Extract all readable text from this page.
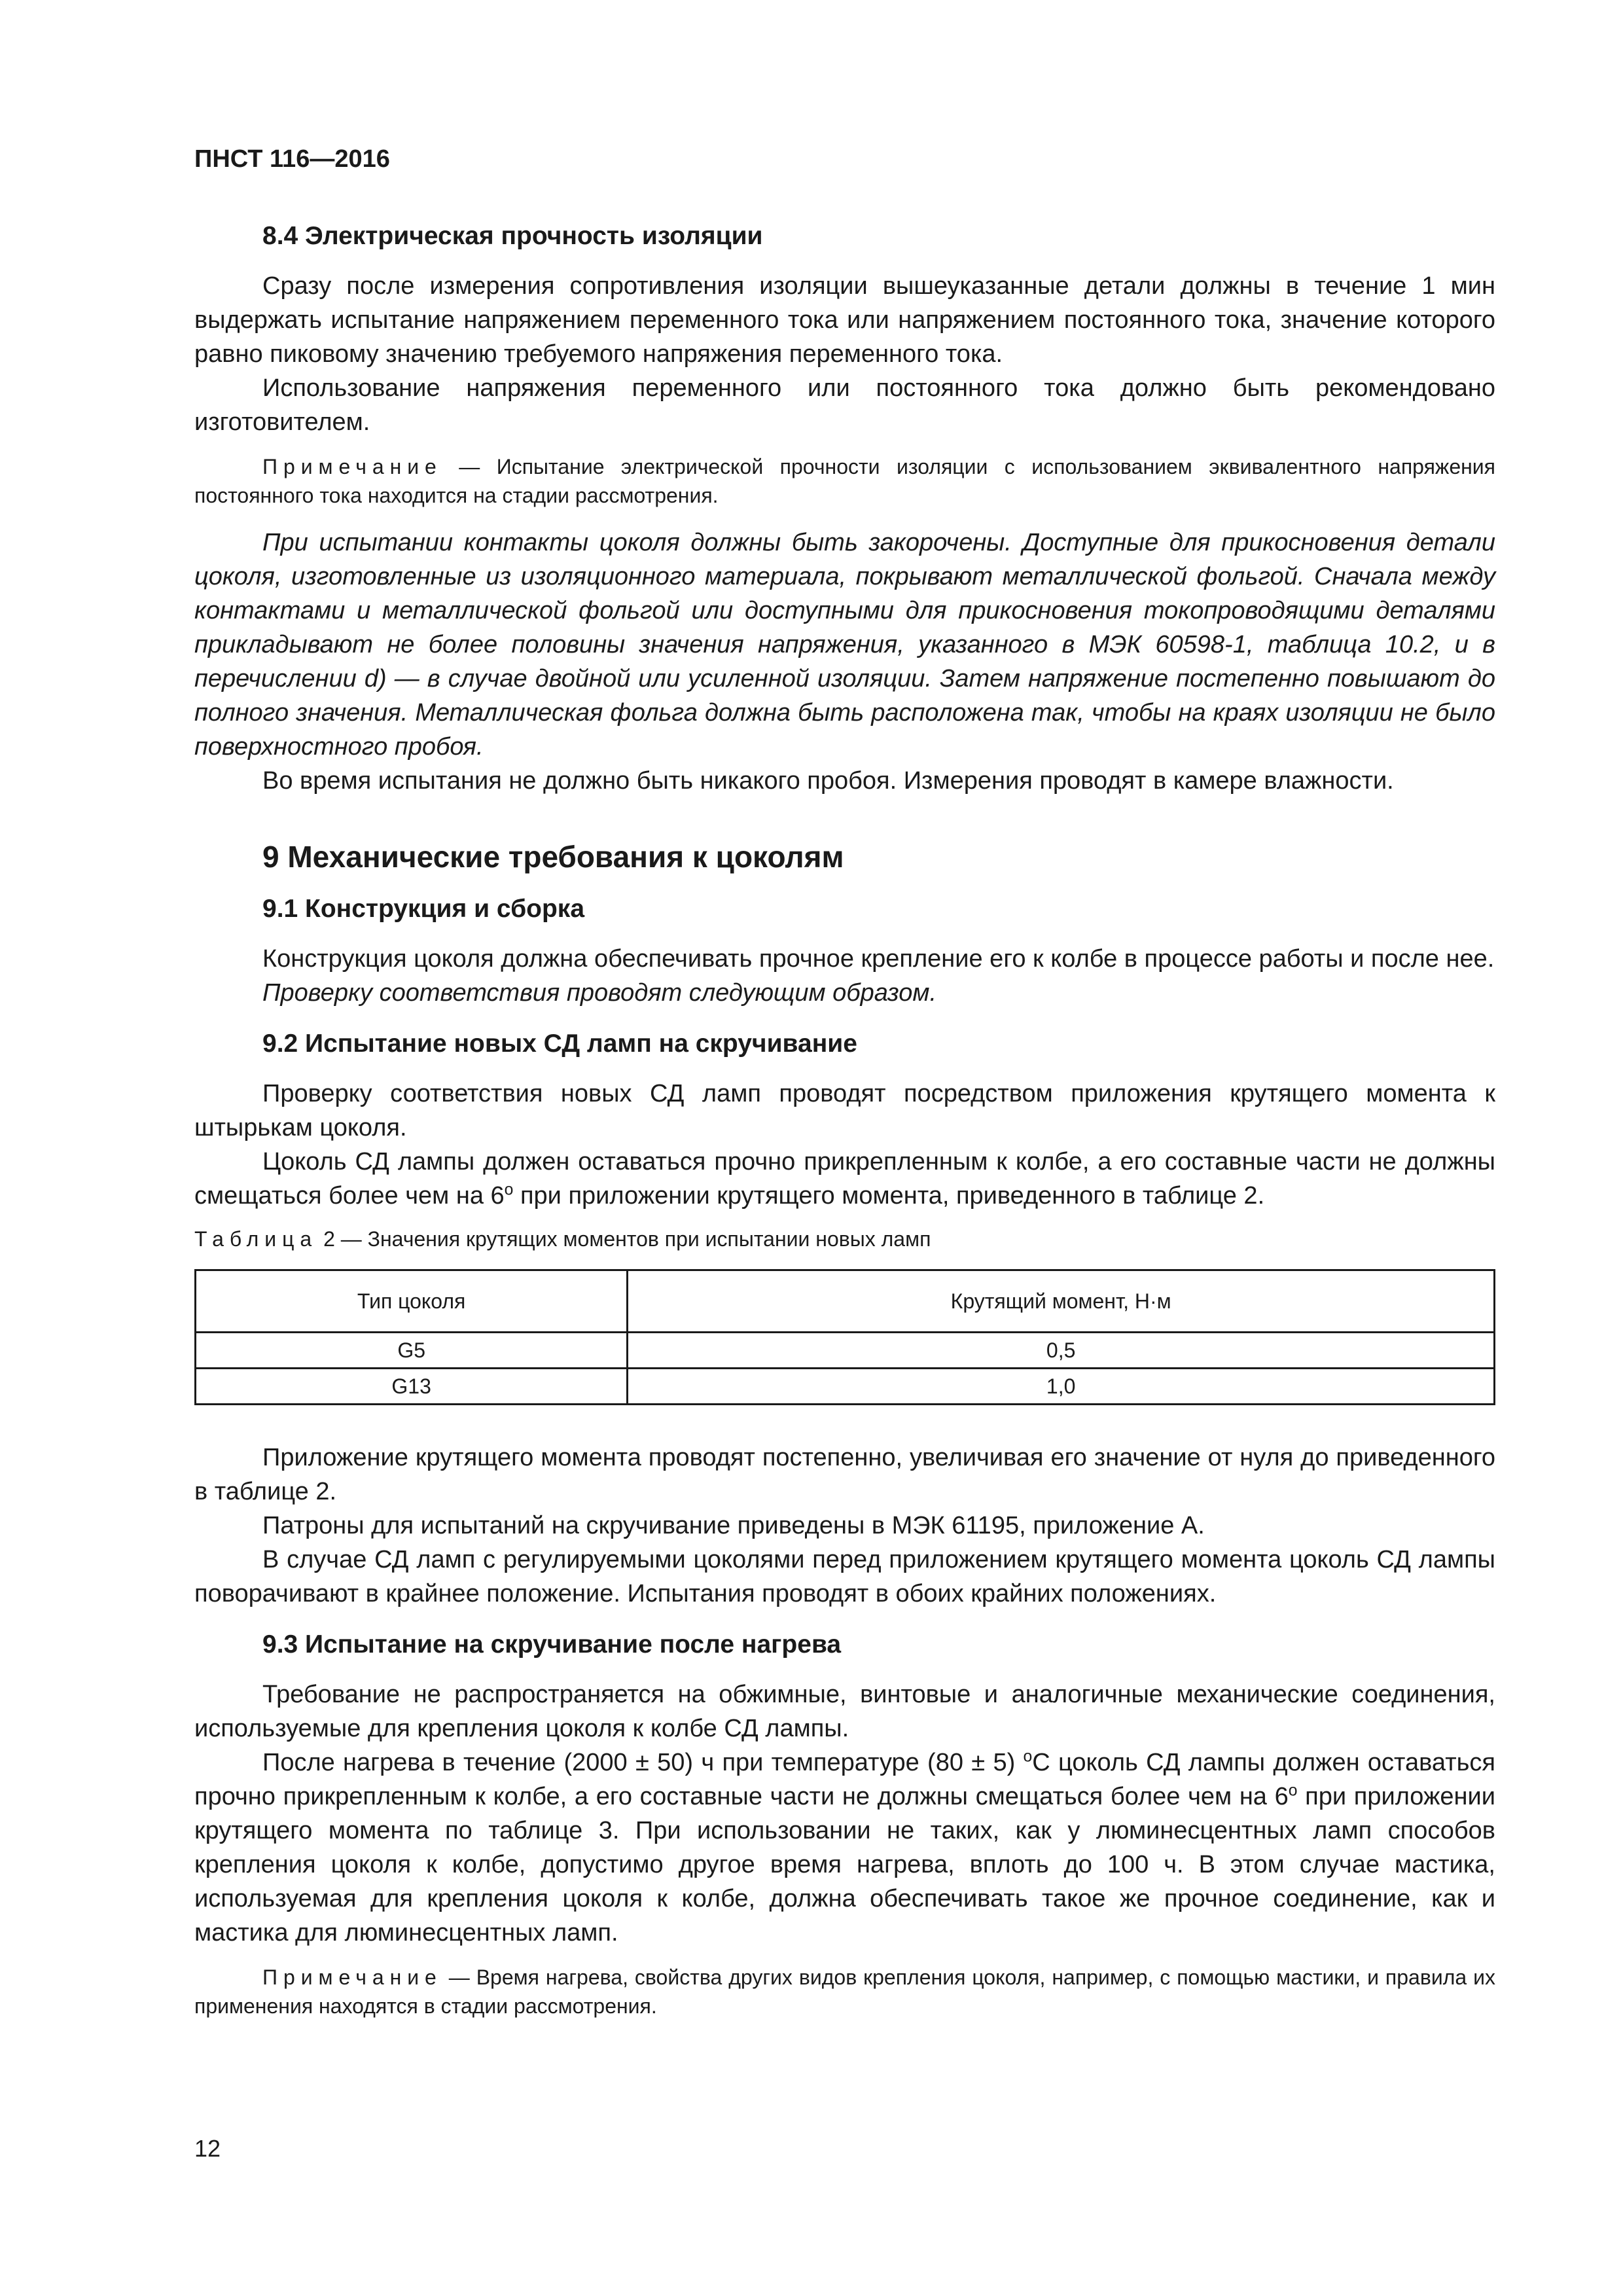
ПНСТ 116—2016
8.4 Электрическая прочность изоляции

Сразу после измерения сопротивления изоляции вышеуказанные детали должны в течение 1 мин выдержать испытание напряжением переменного тока или напряжением постоянного тока, значение которого равно пиковому значению требуемого напряжения переменного тока.

Использование напряжения переменного или постоянного тока должно быть рекомендовано изготовителем.

Примечание — Испытание электрической прочности изоляции с использованием эквивалентного напряжения постоянного тока находится на стадии рассмотрения.

При испытании контакты цоколя должны быть закорочены. Доступные для прикосновения детали цоколя, изготовленные из изоляционного материала, покрывают металлической фольгой. Сначала между контактами и металлической фольгой или доступными для прикосновения токопроводящими деталями прикладывают не более половины значения напряжения, указанного в МЭК 60598-1, таблица 10.2, и в перечислении d) — в случае двойной или усиленной изоляции. Затем напряжение постепенно повышают до полного значения. Металлическая фольга должна быть расположена так, чтобы на краях изоляции не было поверхностного пробоя.

Во время испытания не должно быть никакого пробоя. Измерения проводят в камере влажности.

9 Механические требования к цоколям
9.1 Конструкция и сборка

Конструкция цоколя должна обеспечивать прочное крепление его к колбе в процессе работы и после нее.

Проверку соответствия проводят следующим образом.

9.2 Испытание новых СД ламп на скручивание

Проверку соответствия новых СД ламп проводят посредством приложения крутящего момента к штырькам цоколя.

Цоколь СД лампы должен оставаться прочно прикрепленным к колбе, а его составные части не должны смещаться более чем на 6$^o$ при приложении крутящего момента, приведенного в таблице 2.

Таблица 2 — Значения крутящих моментов при испытании новых ламп
Тип цоколя	Крутящий момент, Н·м
G5	0,5
G13	1,0

Приложение крутящего момента проводят постепенно, увеличивая его значение от нуля до приведенного в таблице 2.

Патроны для испытаний на скручивание приведены в МЭК 61195, приложение А.

В случае СД ламп с регулируемыми цоколями перед приложением крутящего момента цоколь СД лампы поворачивают в крайнее положение. Испытания проводят в обоих крайних положениях.

9.3 Испытание на скручивание после нагрева

Требование не распространяется на обжимные, винтовые и аналогичные механические соединения, используемые для крепления цоколя к колбе СД лампы.

После нагрева в течение (2000 ± 50) ч при температуре (80 ± 5) $^o$С цоколь СД лампы должен оставаться прочно прикрепленным к колбе, а его составные части не должны смещаться более чем на 6$^o$ при приложении крутящего момента по таблице 3. При использовании не таких, как у люминесцентных ламп способов крепления цоколя к колбе, допустимо другое время нагрева, вплоть до 100 ч. В этом случае мастика, используемая для крепления цоколя к колбе, должна обеспечивать такое же прочное соединение, как и мастика для люминесцентных ламп.

Примечание — Время нагрева, свойства других видов крепления цоколя, например, с помощью мастики, и правила их применения находятся в стадии рассмотрения.

12
